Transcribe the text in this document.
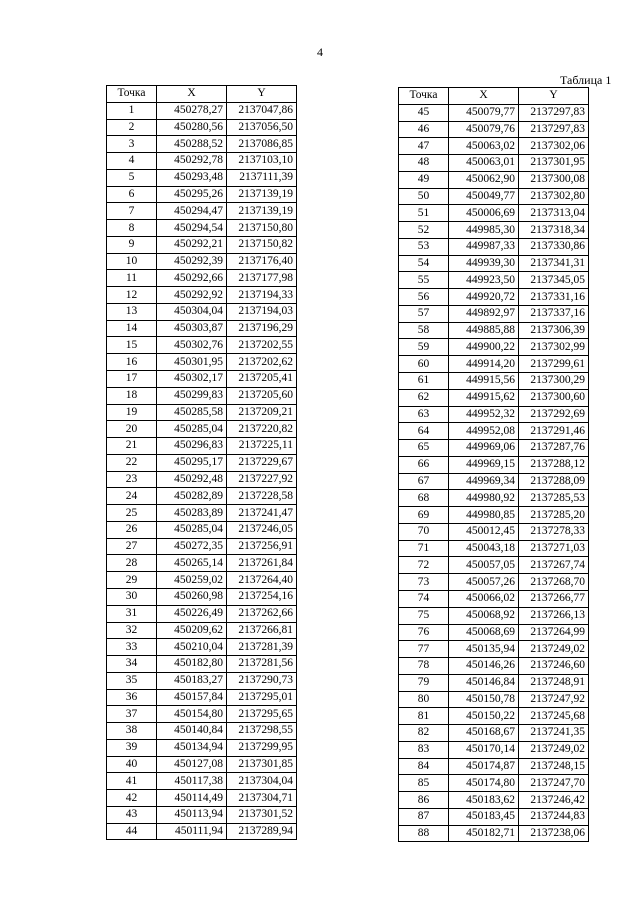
4
Таблица 1
Точка	X	Y
1	450278,27	2137047,86
2	450280,56	2137056,50
3	450288,52	2137086,85
4	450292,78	2137103,10
5	450293,48	2137111,39
6	450295,26	2137139,19
7	450294,47	2137139,19
8	450294,54	2137150,80
9	450292,21	2137150,82
10	450292,39	2137176,40
11	450292,66	2137177,98
12	450292,92	2137194,33
13	450304,04	2137194,03
14	450303,87	2137196,29
15	450302,76	2137202,55
16	450301,95	2137202,62
17	450302,17	2137205,41
18	450299,83	2137205,60
19	450285,58	2137209,21
20	450285,04	2137220,82
21	450296,83	2137225,11
22	450295,17	2137229,67
23	450292,48	2137227,92
24	450282,89	2137228,58
25	450283,89	2137241,47
26	450285,04	2137246,05
27	450272,35	2137256,91
28	450265,14	2137261,84
29	450259,02	2137264,40
30	450260,98	2137254,16
31	450226,49	2137262,66
32	450209,62	2137266,81
33	450210,04	2137281,39
34	450182,80	2137281,56
35	450183,27	2137290,73
36	450157,84	2137295,01
37	450154,80	2137295,65
38	450140,84	2137298,55
39	450134,94	2137299,95
40	450127,08	2137301,85
41	450117,38	2137304,04
42	450114,49	2137304,71
43	450113,94	2137301,52
44	450111,94	2137289,94
Точка	X	Y
45	450079,77	2137297,83
46	450079,76	2137297,83
47	450063,02	2137302,06
48	450063,01	2137301,95
49	450062,90	2137300,08
50	450049,77	2137302,80
51	450006,69	2137313,04
52	449985,30	2137318,34
53	449987,33	2137330,86
54	449939,30	2137341,31
55	449923,50	2137345,05
56	449920,72	2137331,16
57	449892,97	2137337,16
58	449885,88	2137306,39
59	449900,22	2137302,99
60	449914,20	2137299,61
61	449915,56	2137300,29
62	449915,62	2137300,60
63	449952,32	2137292,69
64	449952,08	2137291,46
65	449969,06	2137287,76
66	449969,15	2137288,12
67	449969,34	2137288,09
68	449980,92	2137285,53
69	449980,85	2137285,20
70	450012,45	2137278,33
71	450043,18	2137271,03
72	450057,05	2137267,74
73	450057,26	2137268,70
74	450066,02	2137266,77
75	450068,92	2137266,13
76	450068,69	2137264,99
77	450135,94	2137249,02
78	450146,26	2137246,60
79	450146,84	2137248,91
80	450150,78	2137247,92
81	450150,22	2137245,68
82	450168,67	2137241,35
83	450170,14	2137249,02
84	450174,87	2137248,15
85	450174,80	2137247,70
86	450183,62	2137246,42
87	450183,45	2137244,83
88	450182,71	2137238,06
